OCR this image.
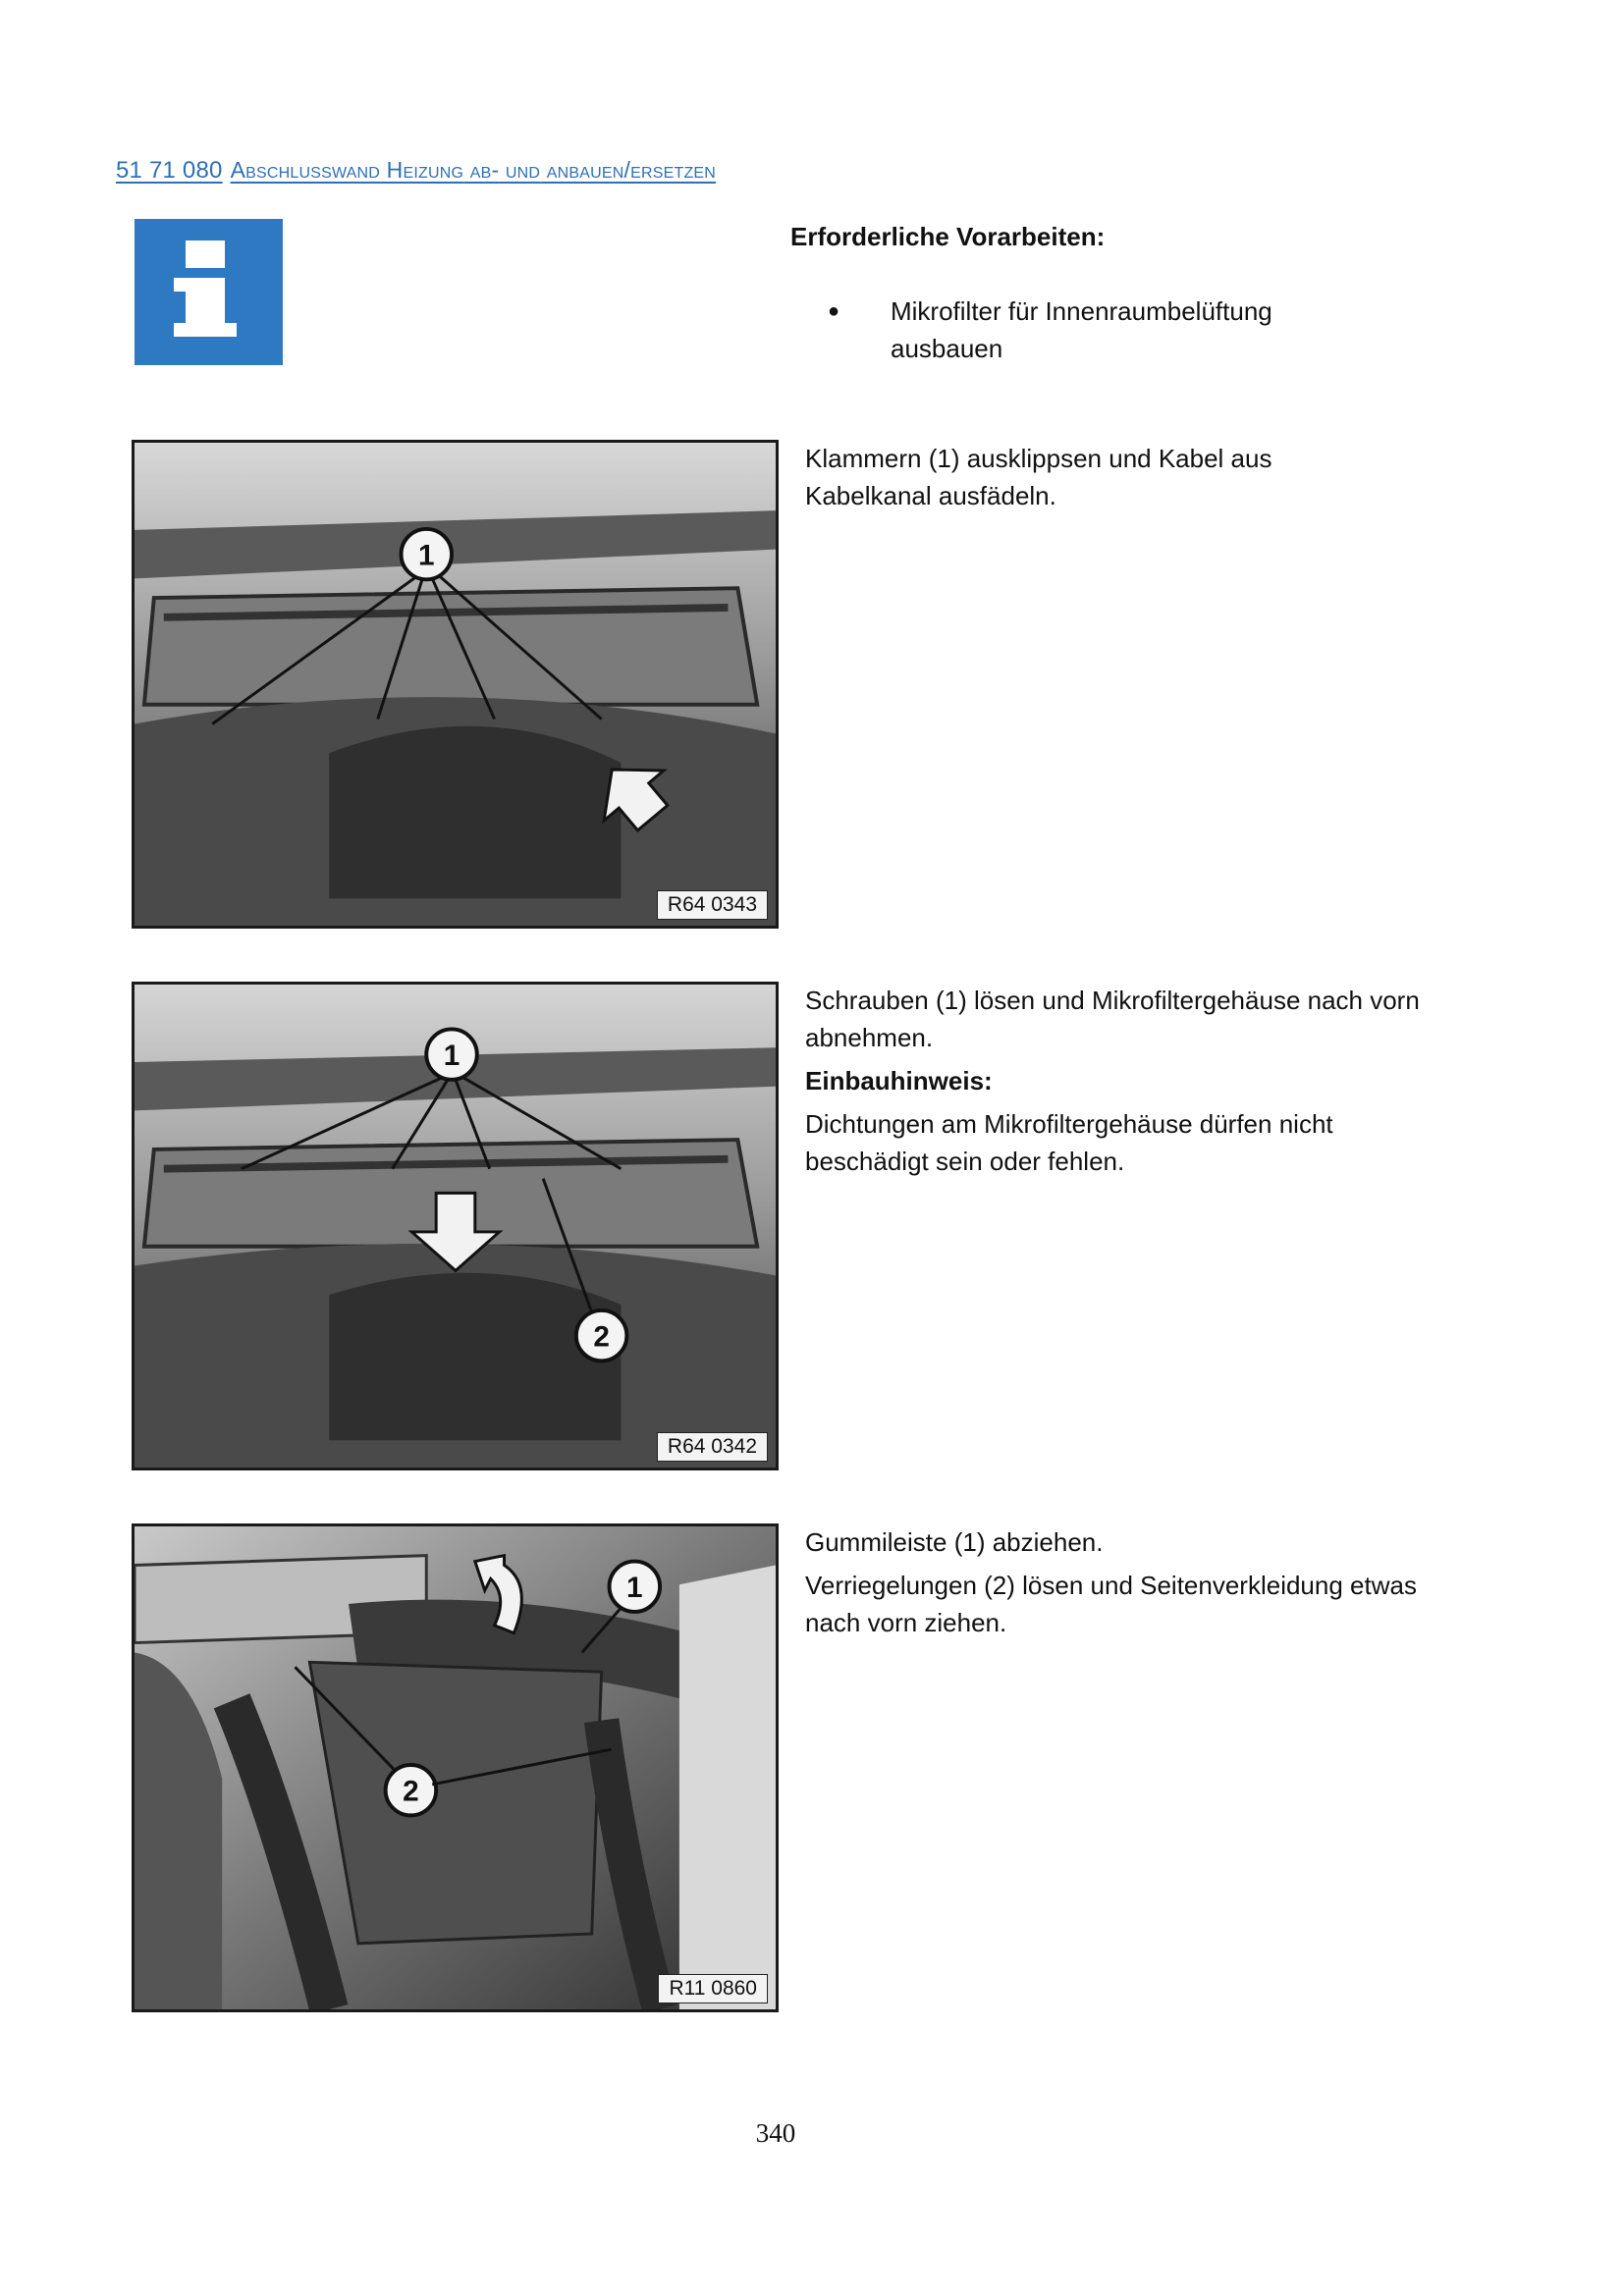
51 71 080 Abschlusswand Heizung ab- und anbauen/ersetzen
Erforderliche Vorarbeiten:
● Mikrofilter für Innenraumbelüftung ausbauen
1
R64 0343

Klammern (1) ausklippsen und Kabel aus Kabelkanal ausfädeln.

1
2
R64 0342

Schrauben (1) lösen und Mikrofiltergehäuse nach vorn abnehmen.

Einbauhinweis:

Dichtungen am Mikrofiltergehäuse dürfen nicht beschädigt sein oder fehlen.

1
2
R11 0860

Gummileiste (1) abziehen.

Verriegelungen (2) lösen und Seitenverkleidung etwas nach vorn ziehen.

340
